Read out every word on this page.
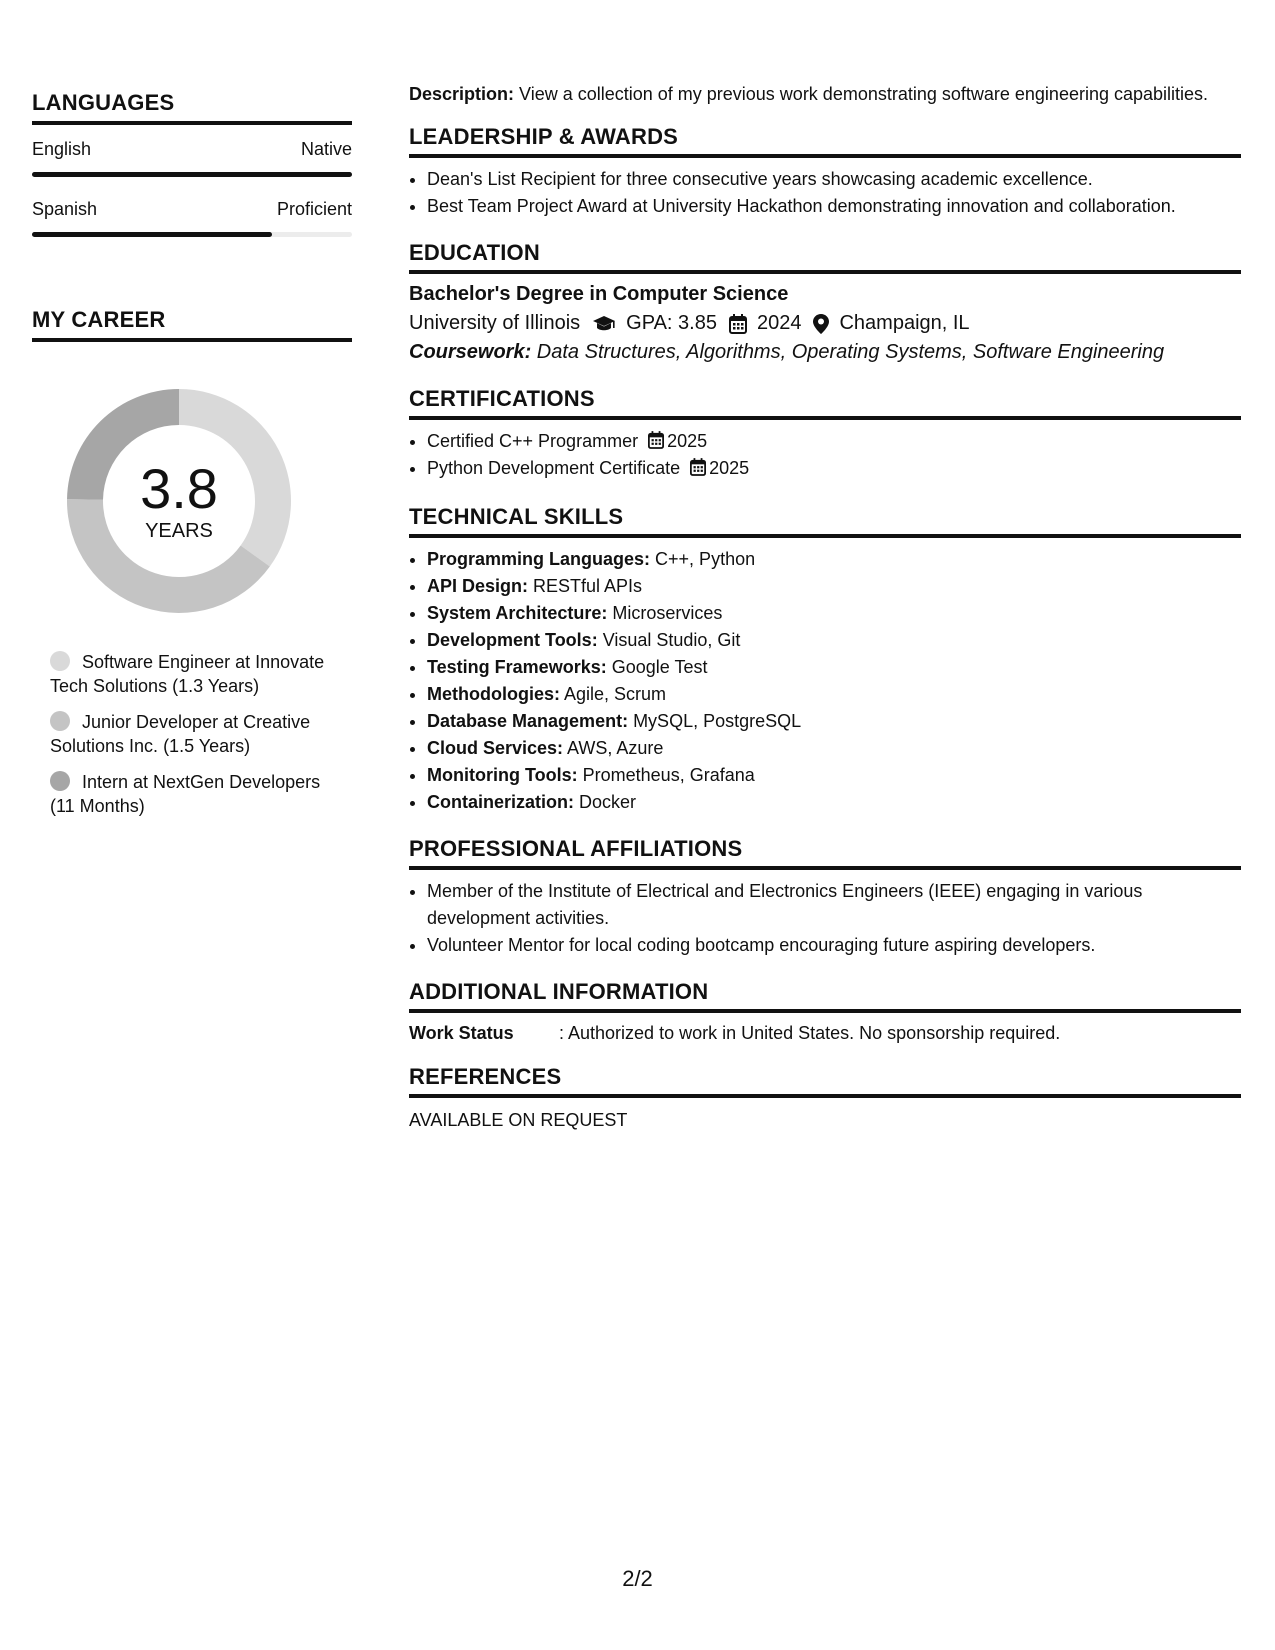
LANGUAGES
English	Native
Spanish	Proficient
MY CAREER
3.8
YEARS
Software Engineer at Innovate Tech Solutions (1.3 Years)
Junior Developer at Creative Solutions Inc. (1.5 Years)
Intern at NextGen Developers (11 Months)
Description: View a collection of my previous work demonstrating software engineering capabilities.
LEADERSHIP & AWARDS
• Dean's List Recipient for three consecutive years showcasing academic excellence.
• Best Team Project Award at University Hackathon demonstrating innovation and collaboration.
EDUCATION
Bachelor's Degree in Computer Science
University of Illinois GPA: 3.85 2024 Champaign, IL
Coursework: Data Structures, Algorithms, Operating Systems, Software Engineering
CERTIFICATIONS
• Certified C++ Programmer 2025
• Python Development Certificate 2025
TECHNICAL SKILLS
• Programming Languages: C++, Python
• API Design: RESTful APIs
• System Architecture: Microservices
• Development Tools: Visual Studio, Git
• Testing Frameworks: Google Test
• Methodologies: Agile, Scrum
• Database Management: MySQL, PostgreSQL
• Cloud Services: AWS, Azure
• Monitoring Tools: Prometheus, Grafana
• Containerization: Docker
PROFESSIONAL AFFILIATIONS
• Member of the Institute of Electrical and Electronics Engineers (IEEE) engaging in various development activities.
• Volunteer Mentor for local coding bootcamp encouraging future aspiring developers.
ADDITIONAL INFORMATION
Work Status	: Authorized to work in United States. No sponsorship required.
REFERENCES
AVAILABLE ON REQUEST
2/2
